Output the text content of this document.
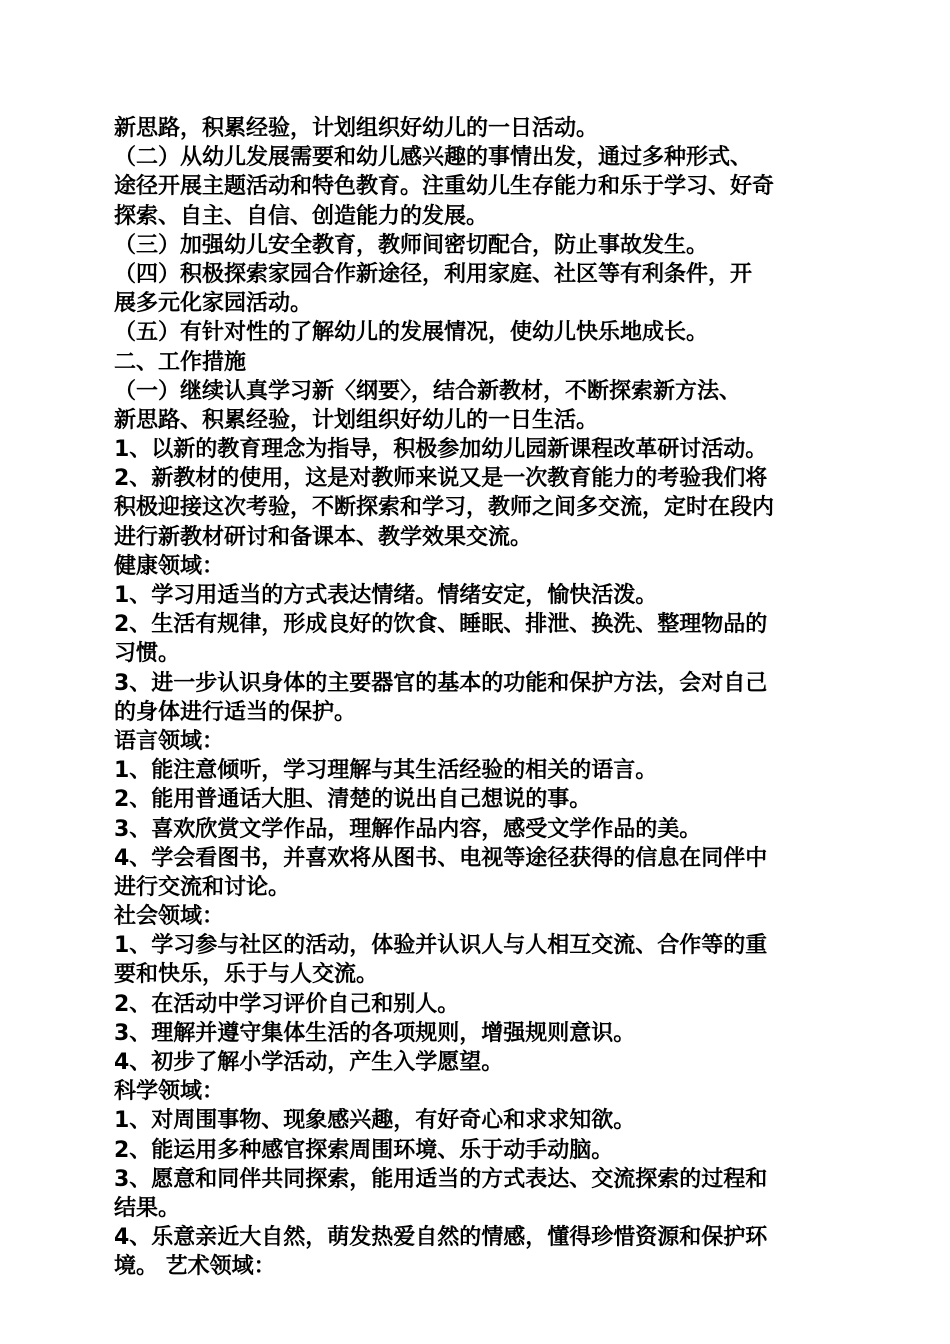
新思路，积累经验，计划组织好幼儿的一日活动。
（二）从幼儿发展需要和幼儿感兴趣的事情出发，通过多种形式、
途径开展主题活动和特色教育。注重幼儿生存能力和乐于学习、好奇
探索、自主、自信、创造能力的发展。
（三）加强幼儿安全教育，教师间密切配合，防止事故发生。
（四）积极探索家园合作新途径，利用家庭、社区等有利条件，开
展多元化家园活动。
（五）有针对性的了解幼儿的发展情况，使幼儿快乐地成长。
二、工作措施
（一）继续认真学习新〈纲要〉，结合新教材，不断探索新方法、
新思路、积累经验，计划组织好幼儿的一日生活。
1、以新的教育理念为指导，积极参加幼儿园新课程改革研讨活动。
2、新教材的使用，这是对教师来说又是一次教育能力的考验我们将
积极迎接这次考验，不断探索和学习，教师之间多交流，定时在段内
进行新教材研讨和备课本、教学效果交流。
健康领域：
1、学习用适当的方式表达情绪。情绪安定，愉快活泼。
2、生活有规律，形成良好的饮食、睡眠、排泄、换洗、整理物品的
习惯。
3、进一步认识身体的主要器官的基本的功能和保护方法，会对自己
的身体进行适当的保护。
语言领域：
1、能注意倾听，学习理解与其生活经验的相关的语言。
2、能用普通话大胆、清楚的说出自己想说的事。
3、喜欢欣赏文学作品，理解作品内容，感受文学作品的美。
4、学会看图书，并喜欢将从图书、电视等途径获得的信息在同伴中
进行交流和讨论。
社会领域：
1、学习参与社区的活动，体验并认识人与人相互交流、合作等的重
要和快乐，乐于与人交流。
2、在活动中学习评价自己和别人。
3、理解并遵守集体生活的各项规则，增强规则意识。
4、初步了解小学活动，产生入学愿望。
科学领域：
1、对周围事物、现象感兴趣，有好奇心和求求知欲。
2、能运用多种感官探索周围环境、乐于动手动脑。
3、愿意和同伴共同探索，能用适当的方式表达、交流探索的过程和
结果。
4、乐意亲近大自然，萌发热爱自然的情感，懂得珍惜资源和保护环
境。 艺术领域：
